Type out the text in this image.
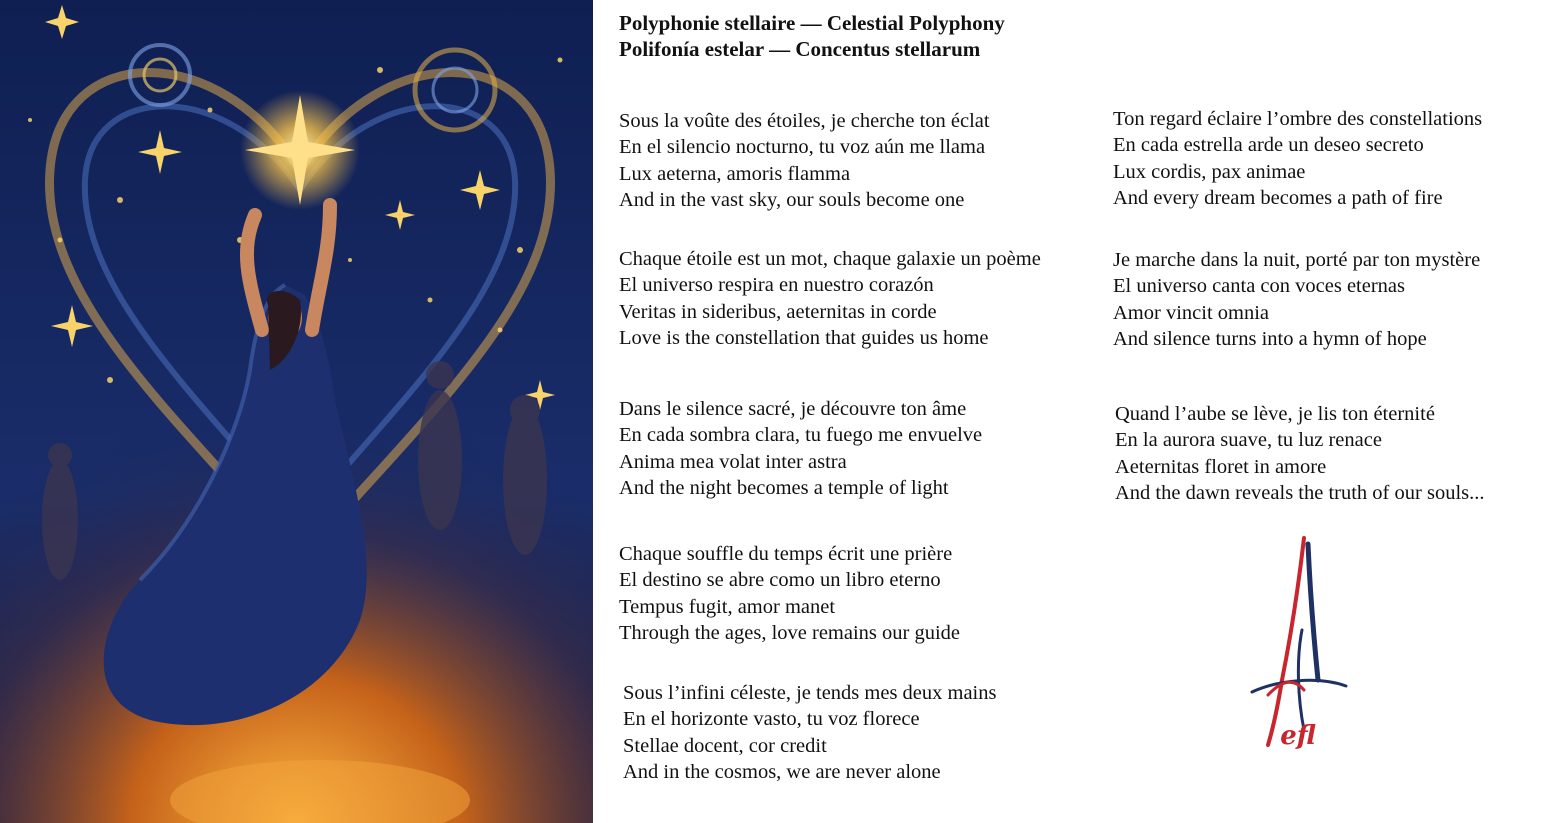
Polyphonie stellaire — Celestial Polyphony
Polifonía estelar — Concentus stellarum
Sous la voûte des étoiles, je cherche ton éclat
En el silencio nocturno, tu voz aún me llama
Lux aeterna, amoris flamma
And in the vast sky, our souls become one
Ton regard éclaire l’ombre des constellations
En cada estrella arde un deseo secreto
Lux cordis, pax animae
And every dream becomes a path of fire
Chaque étoile est un mot, chaque galaxie un poème
El universo respira en nuestro corazón
Veritas in sideribus, aeternitas in corde
Love is the constellation that guides us home
Je marche dans la nuit, porté par ton mystère
El universo canta con voces eternas
Amor vincit omnia
And silence turns into a hymn of hope
Dans le silence sacré, je découvre ton âme
En cada sombra clara, tu fuego me envuelve
Anima mea volat inter astra
And the night becomes a temple of light
Quand l’aube se lève, je lis ton éternité
En la aurora suave, tu luz renace
Aeternitas floret in amore
And the dawn reveals the truth of our souls...
Chaque souffle du temps écrit une prière
El destino se abre como un libro eterno
Tempus fugit, amor manet
Through the ages, love remains our guide
Sous l’infini céleste, je tends mes deux mains
En el horizonte vasto, tu voz florece
Stellae docent, cor credit
And in the cosmos, we are never alone
efl
